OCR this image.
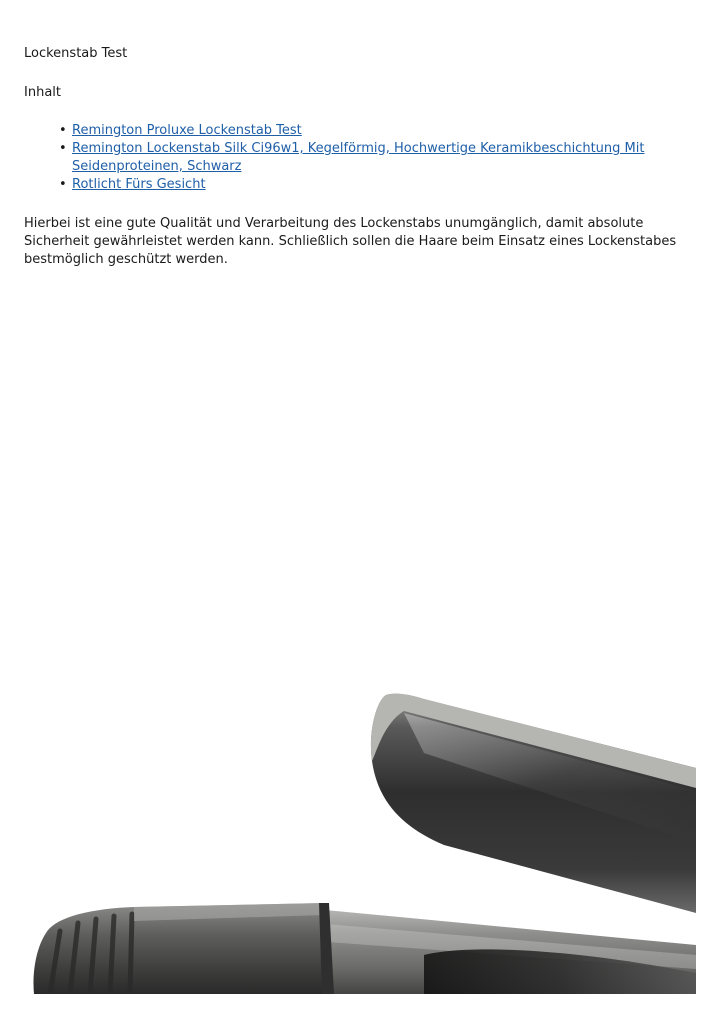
Lockenstab Test
Inhalt
• Remington Proluxe Lockenstab Test
• Remington Lockenstab Silk Ci96w1, Kegelförmig, Hochwertige Keramikbeschichtung Mit Seidenproteinen, Schwarz
• Rotlicht Fürs Gesicht

Hierbei ist eine gute Qualität und Verarbeitung des Lockenstabs unumgänglich, damit absolute Sicherheit gewährleistet werden kann. Schließlich sollen die Haare beim Einsatz eines Lockenstabes bestmöglich geschützt werden.
